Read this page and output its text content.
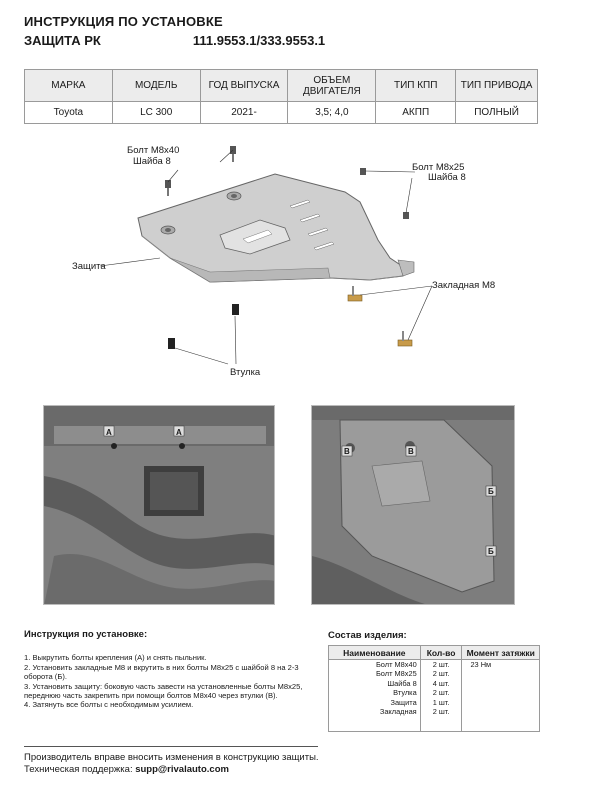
ИНСТРУКЦИЯ ПО УСТАНОВКЕ
ЗАЩИТА РК	111.9553.1/333.9553.1
МАРКА	МОДЕЛЬ	ГОД ВЫПУСКА	ОБЪЕМ ДВИГАТЕЛЯ	ТИП КПП	ТИП ПРИВОДА
Toyota	LC 300	2021-	3,5; 4,0	АКПП	ПОЛНЫЙ
Болт М8х40
Шайба 8
Болт М8х25
Шайба 8
Защита
Закладная М8
Втулка
А	А
В	В
Б
Б
Инструкция по установке:
1. Выкрутить болты крепления (А) и снять пыльник.
2. Установить закладные М8 и вкрутить в них болты М8х25 с шайбой 8 на 2-3
оборота (Б).
3. Установить защиту: боковую часть завести на установленные болты М8х25,
переднюю часть закрепить при помощи болтов М8х40 через втулки (В).
4. Затянуть все болты с необходимым усилием.
Состав изделия:
Наименование	Кол-во	Момент затяжки
Болт М8х40	2 шт.	23 Нм
Болт М8х25	2 шт.	
Шайба 8	4 шт.	
Втулка	2 шт.	
Защита	1 шт.	
Закладная	2 шт.	
Производитель вправе вносить изменения в конструкцию защиты.
Техническая поддержка: supp@rivalauto.com
